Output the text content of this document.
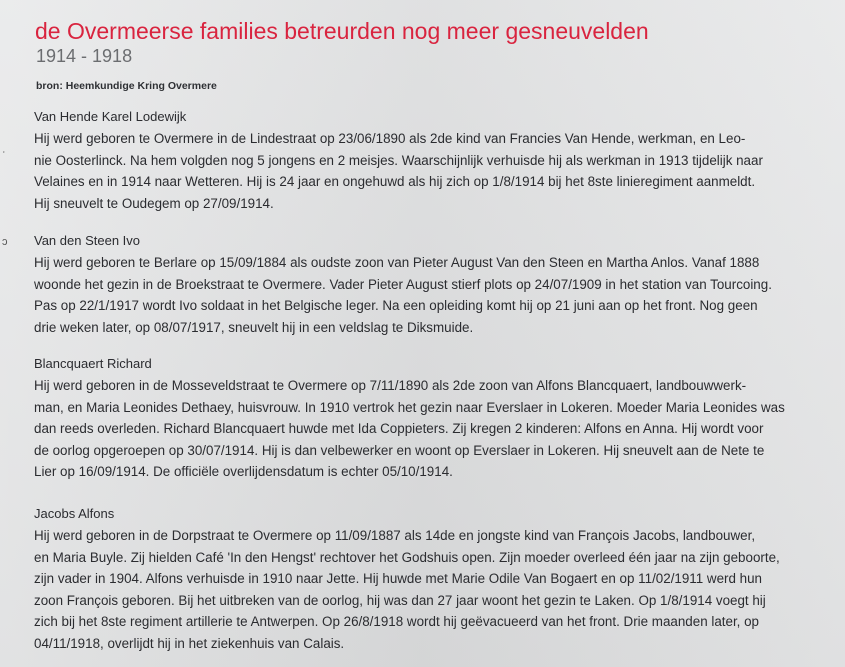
de Overmeerse families betreurden nog meer gesneuvelden
1914 - 1918
bron: Heemkundige Kring Overmere
ʾ
ɔ
Van Hende Karel Lodewijk
Hij werd geboren te Overmere in de Lindestraat op 23/06/1890 als 2de kind van Francies Van Hende, werkman, en Leo-
nie Oosterlinck. Na hem volgden nog 5 jongens en 2 meisjes. Waarschijnlijk verhuisde hij als werkman in 1913 tijdelijk naar
Velaines en in 1914 naar Wetteren. Hij is 24 jaar en ongehuwd als hij zich op 1/8/1914 bij het 8ste linieregiment aanmeldt.
Hij sneuvelt te Oudegem op 27/09/1914.
Van den Steen Ivo
Hij werd geboren te Berlare op 15/09/1884 als oudste zoon van Pieter August Van den Steen en Martha Anlos. Vanaf 1888
woonde het gezin in de Broekstraat te Overmere. Vader Pieter August stierf plots op 24/07/1909 in het station van Tourcoing.
Pas op 22/1/1917 wordt Ivo soldaat in het Belgische leger. Na een opleiding komt hij op 21 juni aan op het front. Nog geen
drie weken later, op 08/07/1917, sneuvelt hij in een veldslag te Diksmuide.
Blancquaert Richard
Hij werd geboren in de Mosseveldstraat te Overmere op 7/11/1890 als 2de zoon van Alfons Blancquaert, landbouwwerk-
man, en Maria Leonides Dethaey, huisvrouw. In 1910 vertrok het gezin naar Everslaer in Lokeren. Moeder Maria Leonides was
dan reeds overleden. Richard Blancquaert huwde met Ida Coppieters. Zij kregen 2 kinderen: Alfons en Anna. Hij wordt voor
de oorlog opgeroepen op 30/07/1914. Hij is dan velbewerker en woont op Everslaer in Lokeren. Hij sneuvelt aan de Nete te
Lier op 16/09/1914. De officiële overlijdensdatum is echter 05/10/1914.
Jacobs Alfons
Hij werd geboren in de Dorpstraat te Overmere op 11/09/1887 als 14de en jongste kind van François Jacobs, landbouwer,
en Maria Buyle. Zij hielden Café 'In den Hengst' rechtover het Godshuis open. Zijn moeder overleed één jaar na zijn geboorte,
zijn vader in 1904. Alfons verhuisde in 1910 naar Jette. Hij huwde met Marie Odile Van Bogaert en op 11/02/1911 werd hun
zoon François geboren. Bij het uitbreken van de oorlog, hij was dan 27 jaar woont het gezin te Laken. Op 1/8/1914 voegt hij
zich bij het 8ste regiment artillerie te Antwerpen. Op 26/8/1918 wordt hij geëvacueerd van het front. Drie maanden later, op
04/11/1918, overlijdt hij in het ziekenhuis van Calais.
